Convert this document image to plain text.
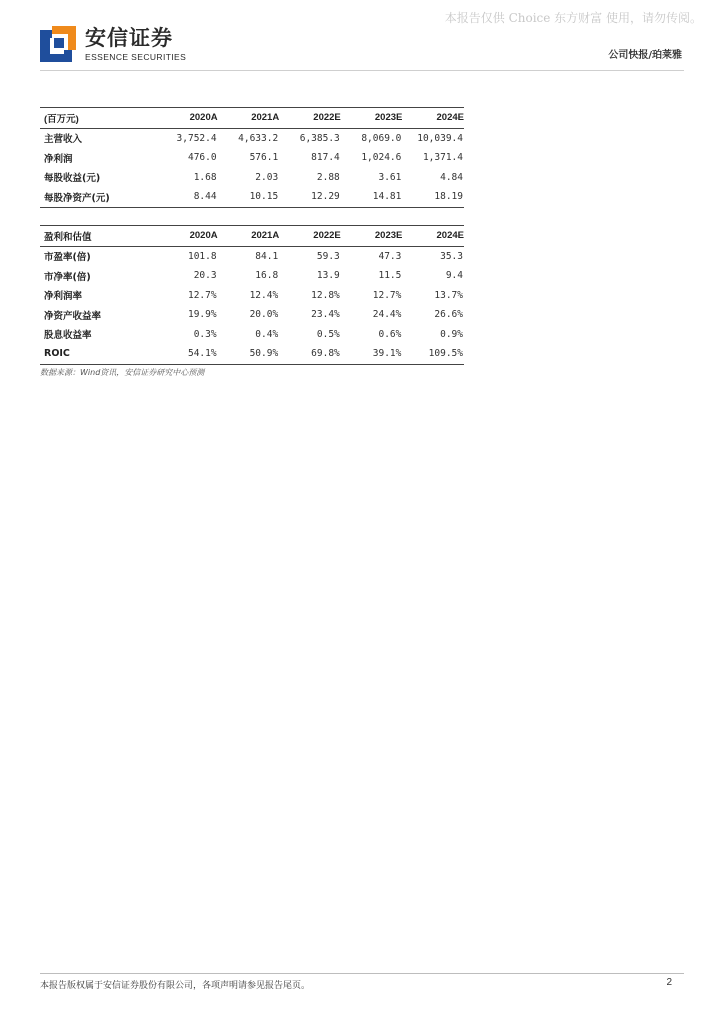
本报告仅供 Choice 东方财富 使用，请勿传阅。
安信证券
ESSENCE SECURITIES	公司快报/珀莱雅
(百万元)	2020A	2021A	2022E	2023E	2024E
主营收入	3,752.4	4,633.2	6,385.3	8,069.0	10,039.4
净利润	476.0	576.1	817.4	1,024.6	1,371.4
每股收益(元)	1.68	2.03	2.88	3.61	4.84
每股净资产(元)	8.44	10.15	12.29	14.81	18.19
盈利和估值	2020A	2021A	2022E	2023E	2024E
市盈率(倍)	101.8	84.1	59.3	47.3	35.3
市净率(倍)	20.3	16.8	13.9	11.5	9.4
净利润率	12.7%	12.4%	12.8%	12.7%	13.7%
净资产收益率	19.9%	20.0%	23.4%	24.4%	26.6%
股息收益率	0.3%	0.4%	0.5%	0.6%	0.9%
ROIC	54.1%	50.9%	69.8%	39.1%	109.5%
数据来源：Wind资讯，安信证券研究中心预测
本报告版权属于安信证券股份有限公司，各项声明请参见报告尾页。	2
